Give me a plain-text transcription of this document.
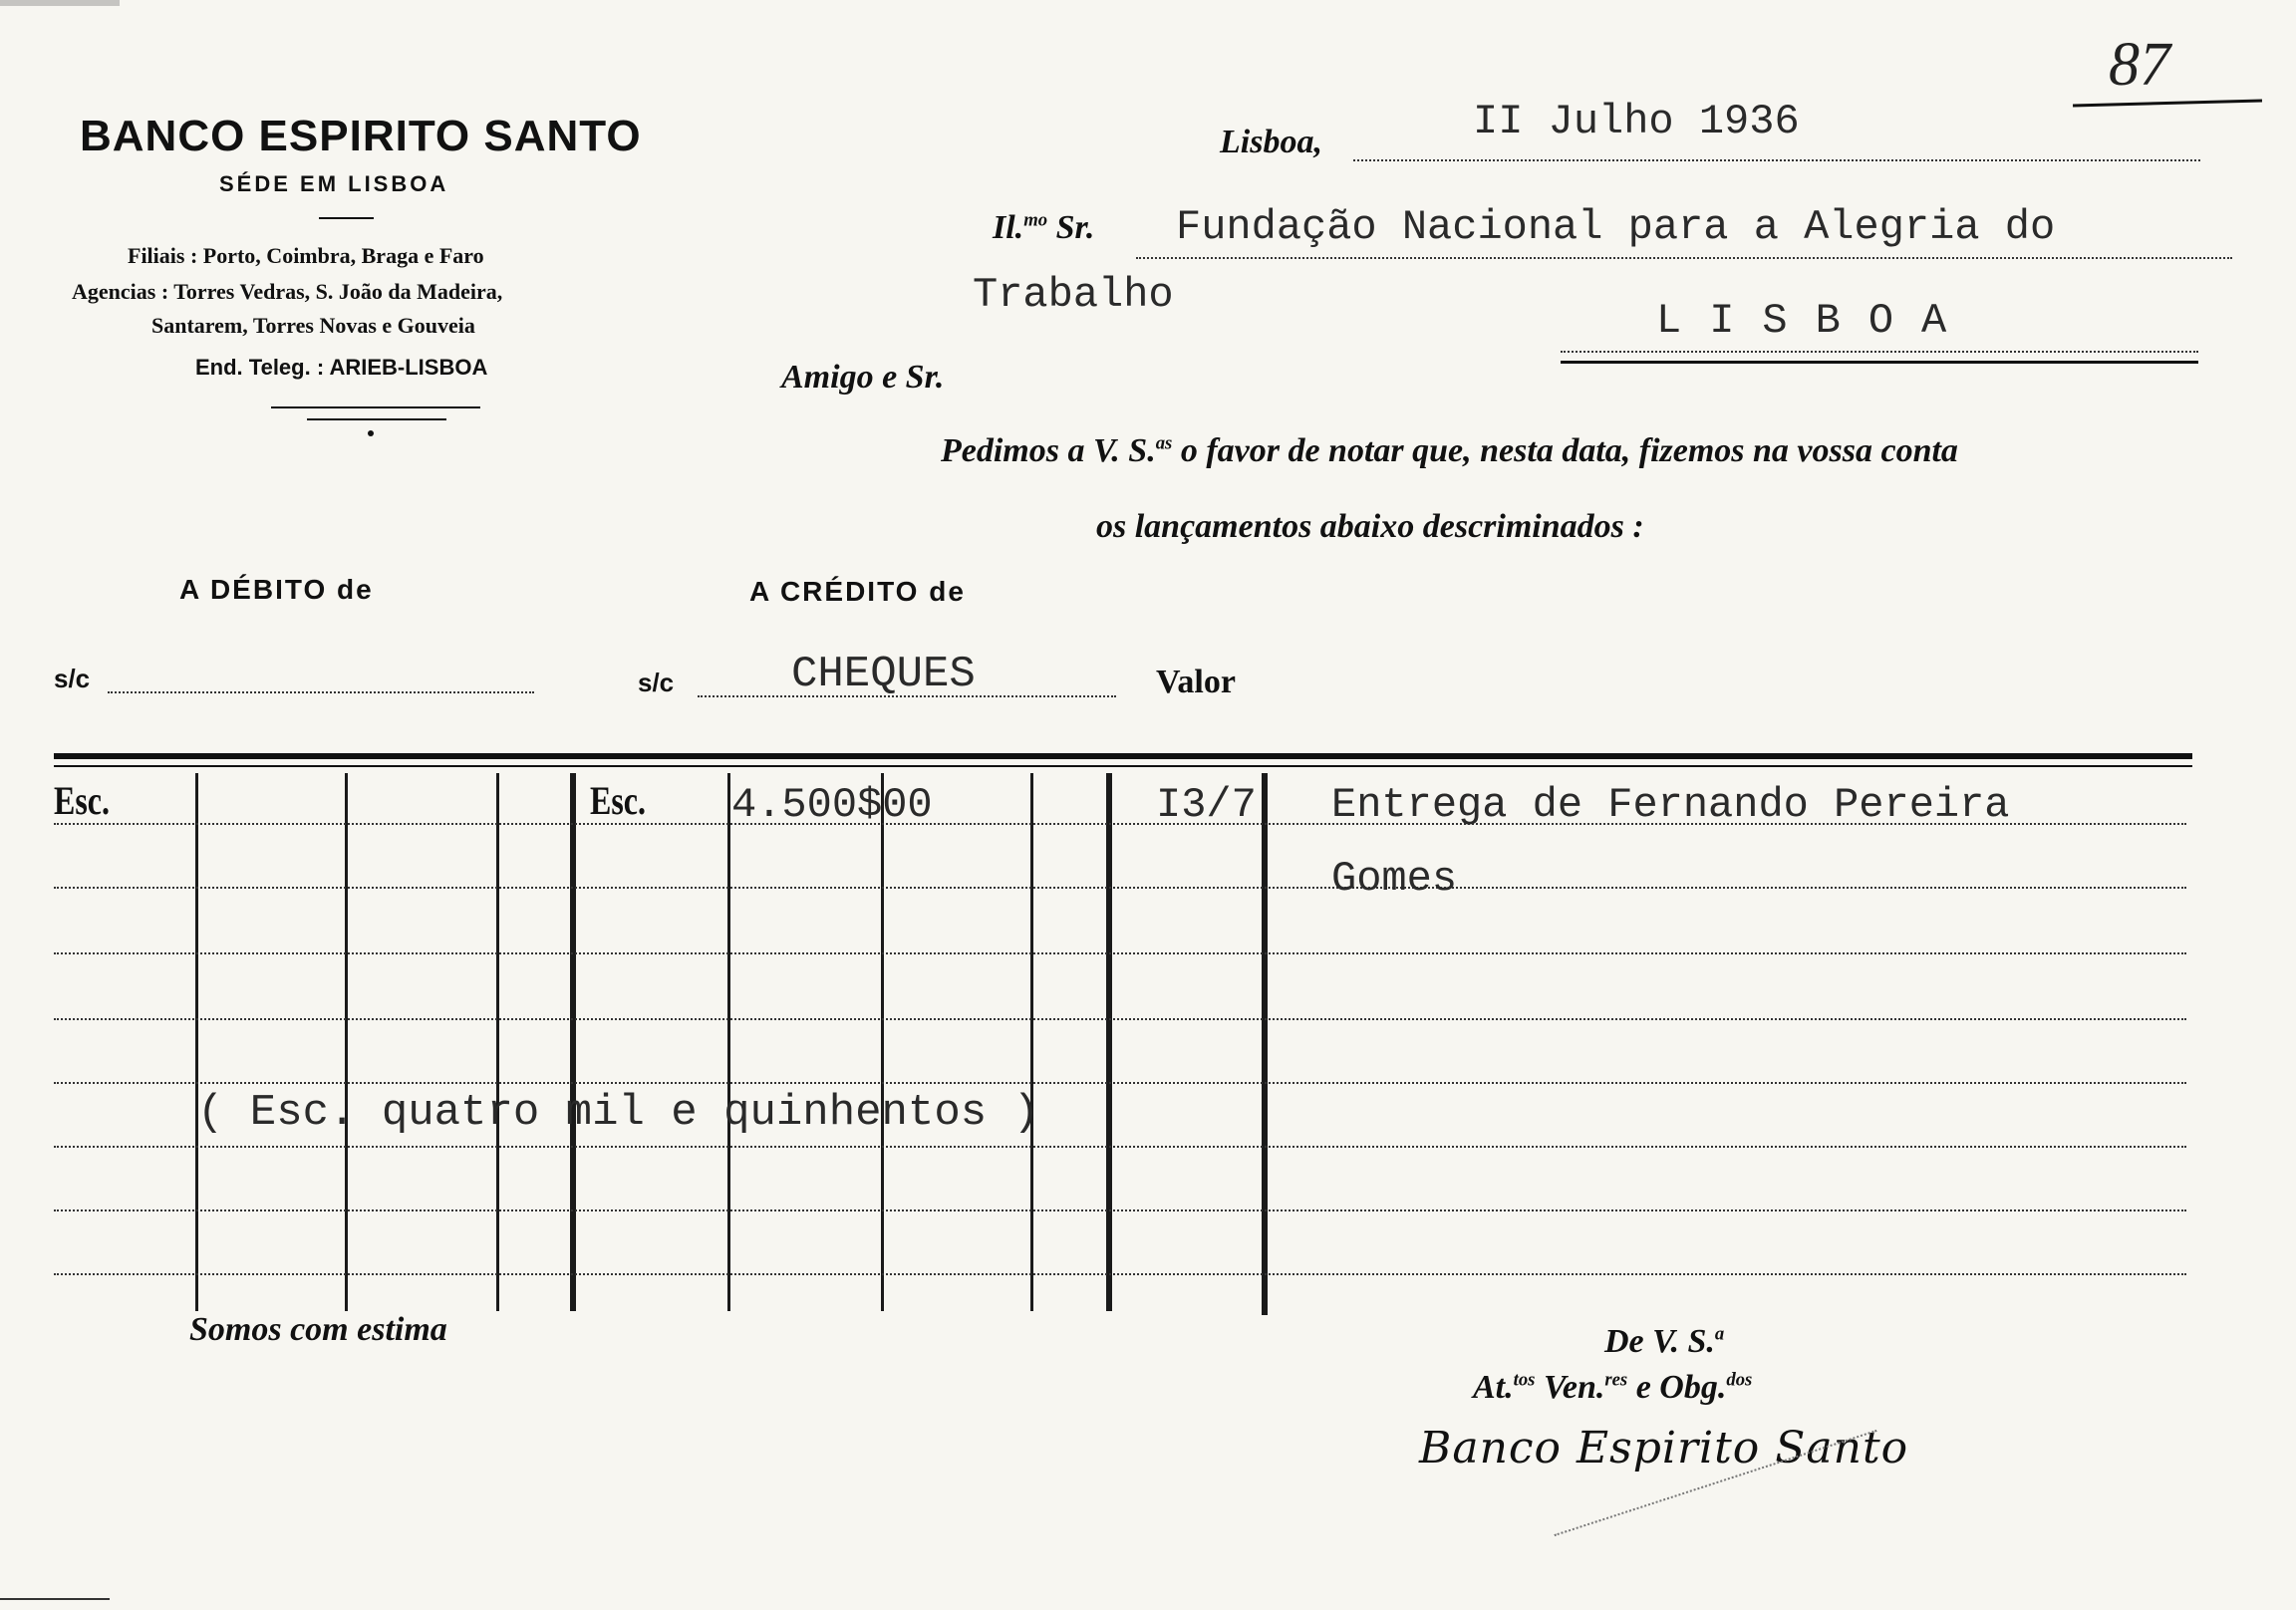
BANCO ESPIRITO SANTO
SÉDE EM LISBOA
Filiais : Porto, Coimbra, Braga e Faro
Agencias : Torres Vedras, S. João da Madeira,
Santarem, Torres Novas e Gouveia
End. Teleg. : ARIEB-LISBOA
87
Lisboa,	II Julho 1936
Il.$^{mo}$ Sr. Fundação Nacional para a Alegria do
Trabalho
LISBOA
Amigo e Sr.
Pedimos a V. S.$^{as}$ o favor de notar que, nesta data, fizemos na vossa conta
os lançamentos abaixo descriminados :
A DÉBITO de	A CRÉDITO de
s/c	s/c	CHEQUES	Valor
Esc.	Esc. 4.500$00	I3/7 Entrega de Fernando Pereira
Gomes
( Esc. quatro mil e quinhentos )
Somos com estima	De V. S.$^a$
At.$^{tos}$ Ven.$^{res}$ e Obg.$^{dos}$
Banco Espirito Santo
